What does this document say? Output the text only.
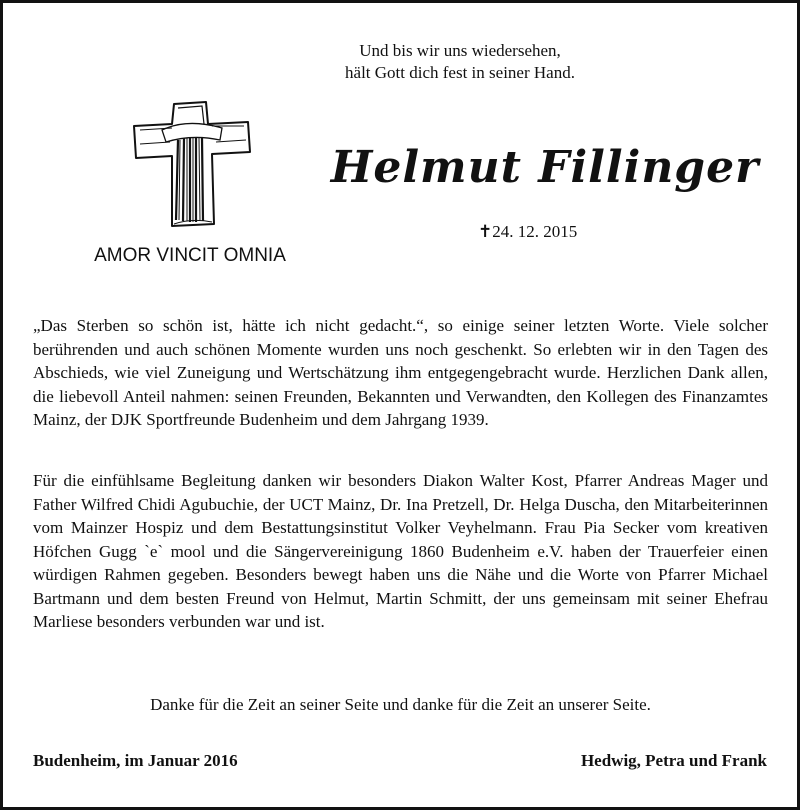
Und bis wir uns wiedersehen,
hält Gott dich fest in seiner Hand.

AMOR VINCIT OMNIA

Helmut Fillinger

✝24. 12. 2015

„Das Sterben so schön ist, hätte ich nicht gedacht.“, so einige seiner letzten Worte. Viele solcher berührenden und auch schönen Momente wurden uns noch geschenkt. So erlebten wir in den Tagen des Abschieds, wie viel Zuneigung und Wertschätzung ihm entgegengebracht wurde. Herzlichen Dank allen, die liebevoll Anteil nahmen: seinen Freunden, Bekannten und Verwandten, den Kollegen des Finanzamtes Mainz, der DJK Sportfreunde Budenheim und dem Jahrgang 1939.

Für die einfühlsame Begleitung danken wir besonders Diakon Walter Kost, Pfarrer Andreas Mager und Father Wilfred Chidi Agubuchie, der UCT Mainz, Dr. Ina Pretzell, Dr. Helga Duscha, den Mitarbeiterinnen vom Mainzer Hospiz und dem Bestattungsinstitut Volker Veyhelmann. Frau Pia Secker vom kreativen Höfchen Gugg `e` mool und die Sängervereinigung 1860 Budenheim e.V. haben der Trauerfeier einen würdigen Rahmen gegeben. Besonders bewegt haben uns die Nähe und die Worte von Pfarrer Michael Bartmann und dem besten Freund von Helmut, Martin Schmitt, der uns gemeinsam mit seiner Ehefrau Marliese besonders verbunden war und ist.

Danke für die Zeit an seiner Seite und danke für die Zeit an unserer Seite.

Budenheim, im Januar 2016	Hedwig, Petra und Frank
